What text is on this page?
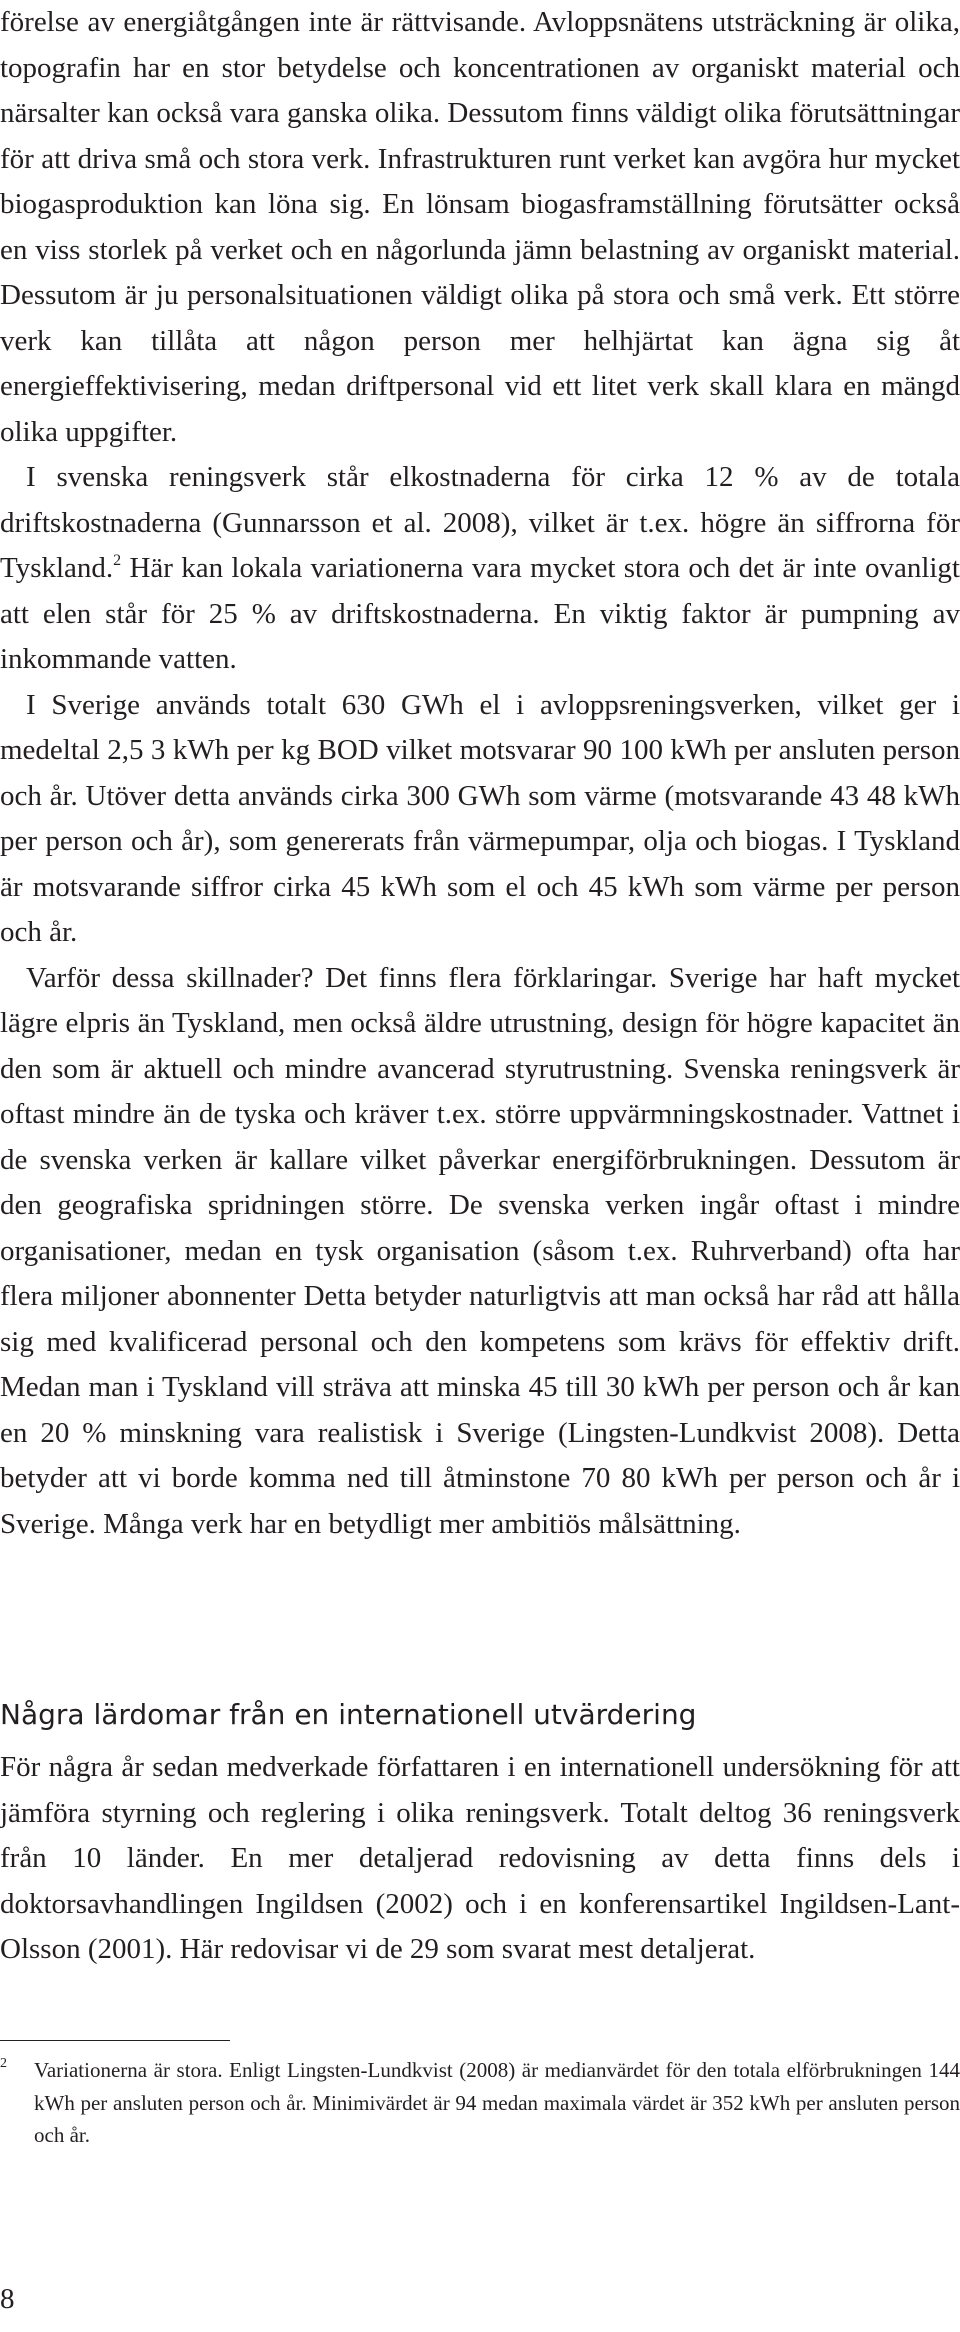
förelse av energiåtgången inte är rättvisande. Avloppsnätens utsträckning är olika, topografin har en stor betydelse och koncentrationen av organiskt material och närsalter kan också vara ganska olika. Dessutom finns väldigt olika förutsättningar för att driva små och stora verk. Infrastrukturen runt verket kan avgöra hur mycket biogasproduktion kan löna sig. En lönsam biogasframställning förutsätter också en viss storlek på verket och en någorlunda jämn belastning av organiskt material. Dessutom är ju personalsituationen väldigt olika på stora och små verk. Ett större verk kan tillåta att någon person mer helhjärtat kan ägna sig åt energieffektivisering, medan driftpersonal vid ett litet verk skall klara en mängd olika uppgifter.

I svenska reningsverk står elkostnaderna för cirka 12 % av de totala driftskostnaderna (Gunnarsson et al. 2008), vilket är t.ex. högre än siffrorna för Tyskland.$^2$ Här kan lokala variationerna vara mycket stora och det är inte ovanligt att elen står för 25 % av driftskostnaderna. En viktig faktor är pumpning av inkommande vatten.

I Sverige används totalt 630 GWh el i avloppsreningsverken, vilket ger i medeltal 2,5 3 kWh per kg BOD vilket motsvarar 90 100 kWh per ansluten person och år. Utöver detta används cirka 300 GWh som värme (motsvarande 43 48 kWh per person och år), som genererats från värmepumpar, olja och biogas. I Tyskland är motsvarande siffror cirka 45 kWh som el och 45 kWh som värme per person och år.

Varför dessa skillnader? Det finns flera förklaringar. Sverige har haft mycket lägre elpris än Tyskland, men också äldre utrustning, design för högre kapacitet än den som är aktuell och mindre avancerad styrutrustning. Svenska reningsverk är oftast mindre än de tyska och kräver t.ex. större uppvärmningskostnader. Vattnet i de svenska verken är kallare vilket påverkar energiförbrukningen. Dessutom är den geografiska spridningen större. De svenska verken ingår oftast i mindre organisationer, medan en tysk organisation (såsom t.ex. Ruhrverband) ofta har flera miljoner abonnenter Detta betyder naturligtvis att man också har råd att hålla sig med kvalificerad personal och den kompetens som krävs för effektiv drift. Medan man i Tyskland vill sträva att minska 45 till 30 kWh per person och år kan en 20 % minskning vara realistisk i Sverige (Lingsten-Lundkvist 2008). Detta betyder att vi borde komma ned till åtminstone 70 80 kWh per person och år i Sverige. Många verk har en betydligt mer ambitiös målsättning.

Några lärdomar från en internationell utvärdering

För några år sedan medverkade författaren i en internationell undersökning för att jämföra styrning och reglering i olika reningsverk. Totalt deltog 36 reningsverk från 10 länder. En mer detaljerad redovisning av detta finns dels i doktorsavhandlingen Ingildsen (2002) och i en konferensartikel Ingildsen-Lant-Olsson (2001). Här redovisar vi de 29 som svarat mest detaljerat.

2 Variationerna är stora. Enligt Lingsten-Lundkvist (2008) är medianvärdet för den totala elförbrukningen 144 kWh per ansluten person och år. Minimivärdet är 94 medan maximala värdet är 352 kWh per ansluten person och år.

8
